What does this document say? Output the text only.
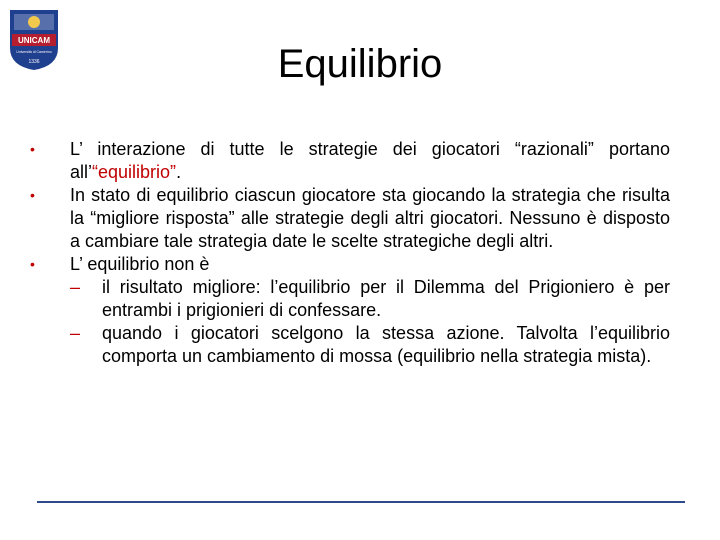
UNICAM
Università di Camerino
1336	Equilibrio
•	L’ interazione di tutte le strategie dei giocatori “razionali” portano all’“equilibrio”.
•	In stato di equilibrio ciascun giocatore sta giocando la strategia che risulta la “migliore risposta” alle strategie degli altri giocatori. Nessuno è disposto a cambiare tale strategia date le scelte strategiche degli altri.
•	L’ equilibrio non è
– il risultato migliore: l’equilibrio per il Dilemma del Prigioniero è per entrambi i prigionieri di confessare.
– quando i giocatori scelgono la stessa azione. Talvolta l’equilibrio comporta un cambiamento di mossa (equilibrio nella strategia mista).
